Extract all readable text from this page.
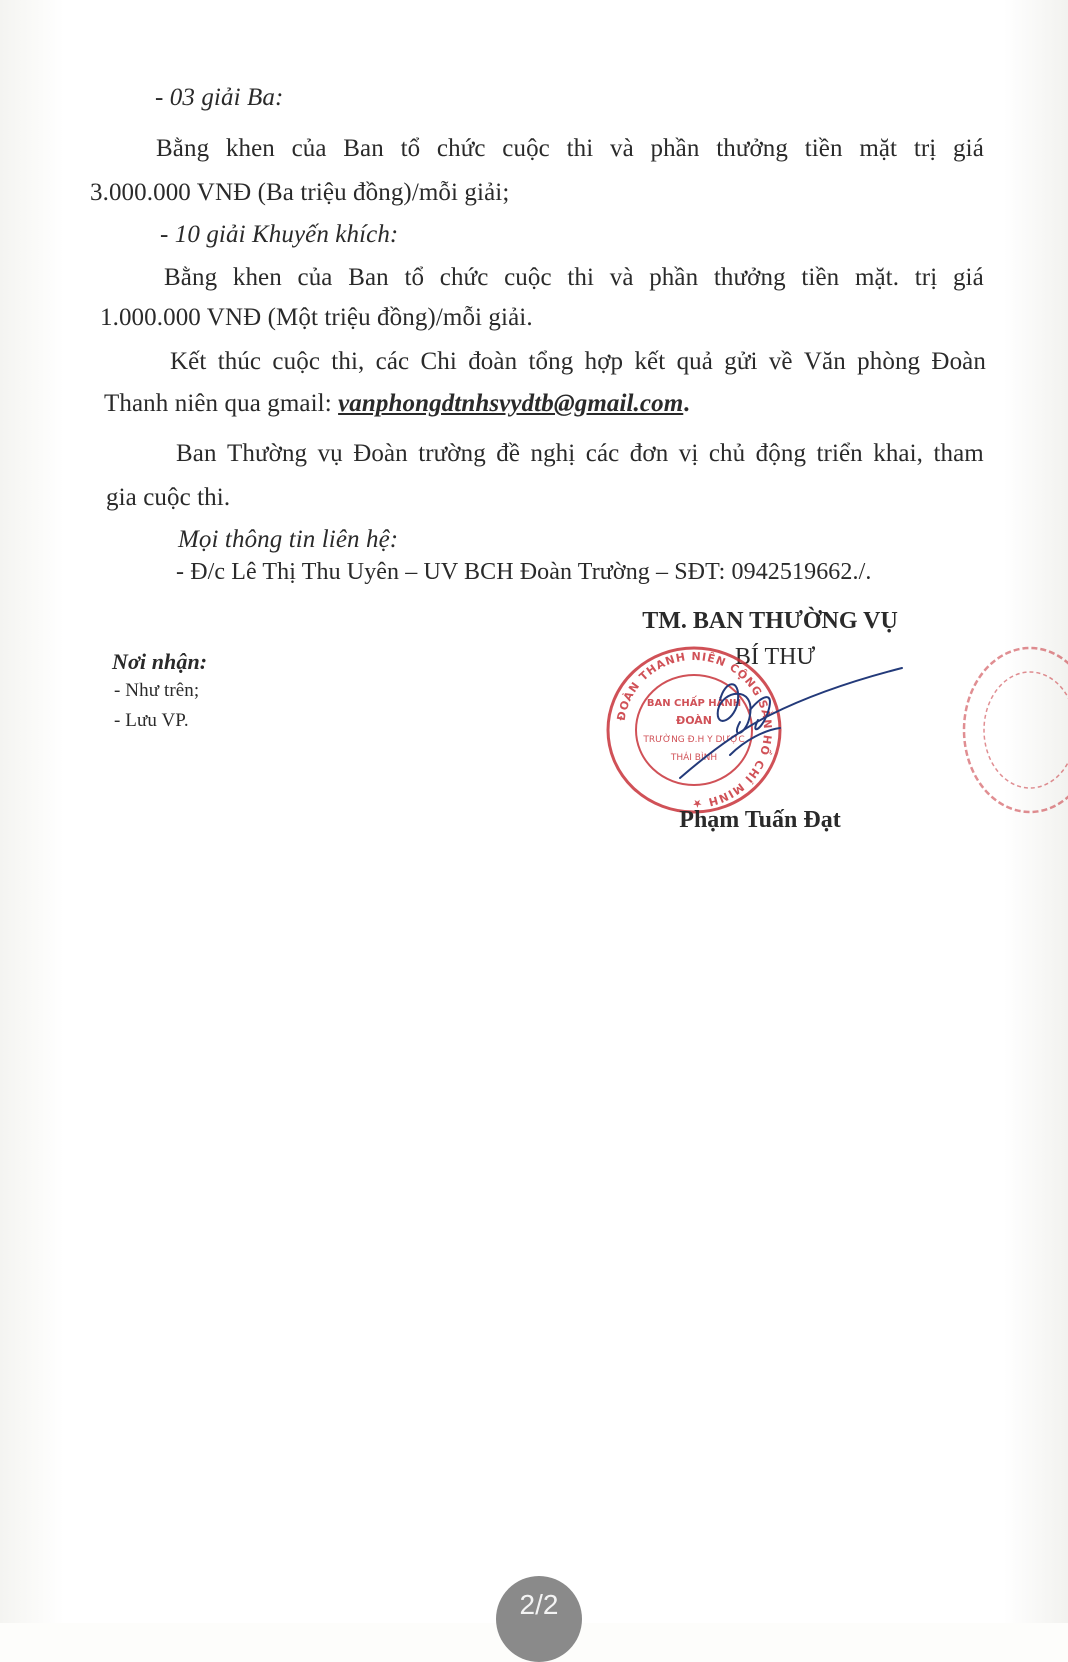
- 03 giải Ba:
Bằng khen của Ban tổ chức cuộc thi và phần thưởng tiền mặt trị giá
3.000.000 VNĐ (Ba triệu đồng)/mỗi giải;
- 10 giải Khuyến khích:
Bằng khen của Ban tổ chức cuộc thi và phần thưởng tiền mặt. trị giá
1.000.000 VNĐ (Một triệu đồng)/mỗi giải.
Kết thúc cuộc thi, các Chi đoàn tổng hợp kết quả gửi về Văn phòng Đoàn
Thanh niên qua gmail: vanphongdtnhsvydtb@gmail.com.
Ban Thường vụ Đoàn trường đề nghị các đơn vị chủ động triển khai, tham
gia cuộc thi.
Mọi thông tin liên hệ:
- Đ/c Lê Thị Thu Uyên – UV BCH Đoàn Trường – SĐT: 0942519662./.
TM. BAN THƯỜNG VỤ
BÍ THƯ
Nơi nhận:
- Như trên;
- Lưu VP.	ĐOÀN THANH NIÊN CỘNG SẢN HỒ CHÍ MINH ★
BAN CHẤP HÀNH
ĐOÀN
TRƯỜNG Đ.H Y DƯỢC
THÁI BÌNH
Phạm Tuấn Đạt
2/2
